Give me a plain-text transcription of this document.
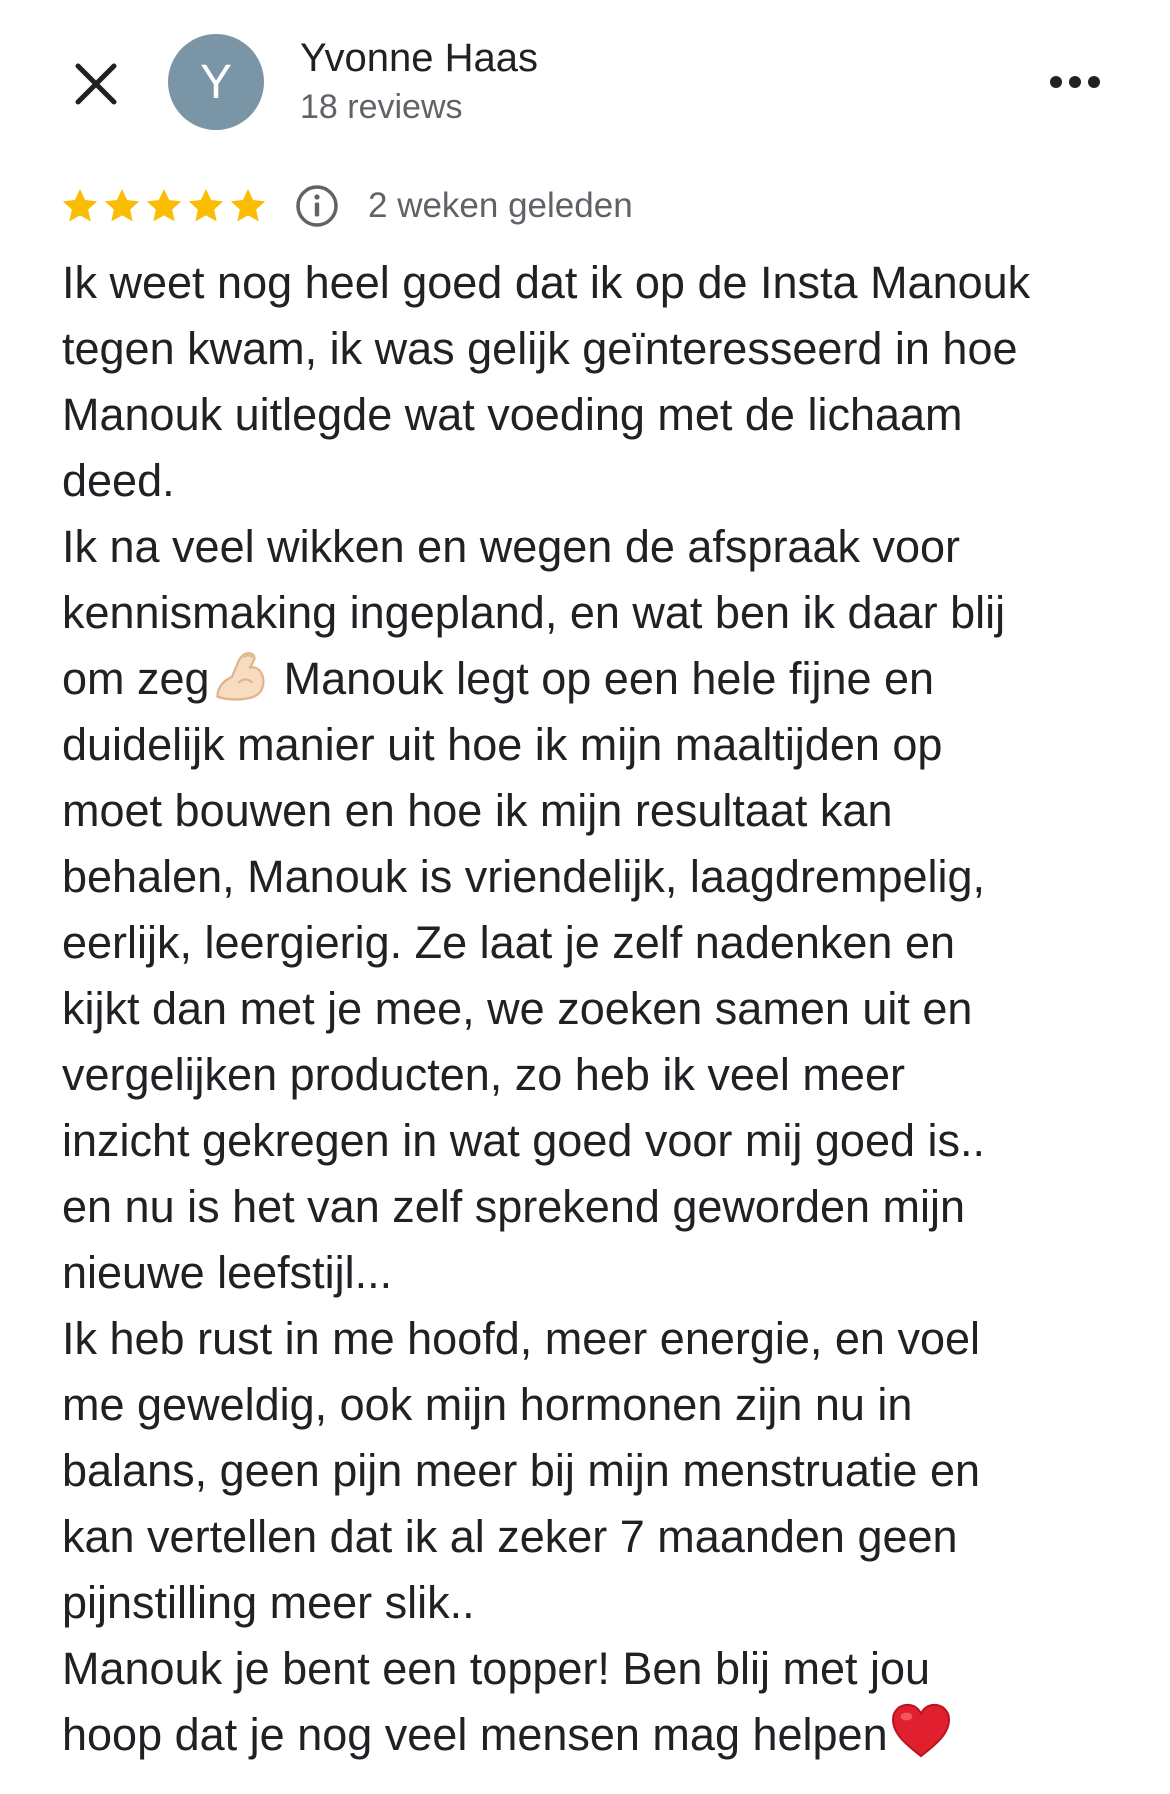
Y Yvonne Haas
18 reviews
2 weken geleden
Ik weet nog heel goed dat ik op de Insta Manouk
tegen kwam, ik was gelijk geïnteresseerd in hoe
Manouk uitlegde wat voeding met de lichaam
deed.
Ik na veel wikken en wegen de afspraak voor
kennismaking ingepland, en wat ben ik daar blij
om zeg Manouk legt op een hele fijne en
duidelijk manier uit hoe ik mijn maaltijden op
moet bouwen en hoe ik mijn resultaat kan
behalen, Manouk is vriendelijk, laagdrempelig,
eerlijk, leergierig. Ze laat je zelf nadenken en
kijkt dan met je mee, we zoeken samen uit en
vergelijken producten, zo heb ik veel meer
inzicht gekregen in wat goed voor mij goed is..
en nu is het van zelf sprekend geworden mijn
nieuwe leefstijl...
Ik heb rust in me hoofd, meer energie, en voel
me geweldig, ook mijn hormonen zijn nu in
balans, geen pijn meer bij mijn menstruatie en
kan vertellen dat ik al zeker 7 maanden geen
pijnstilling meer slik..
Manouk je bent een topper! Ben blij met jou
hoop dat je nog veel mensen mag helpen
